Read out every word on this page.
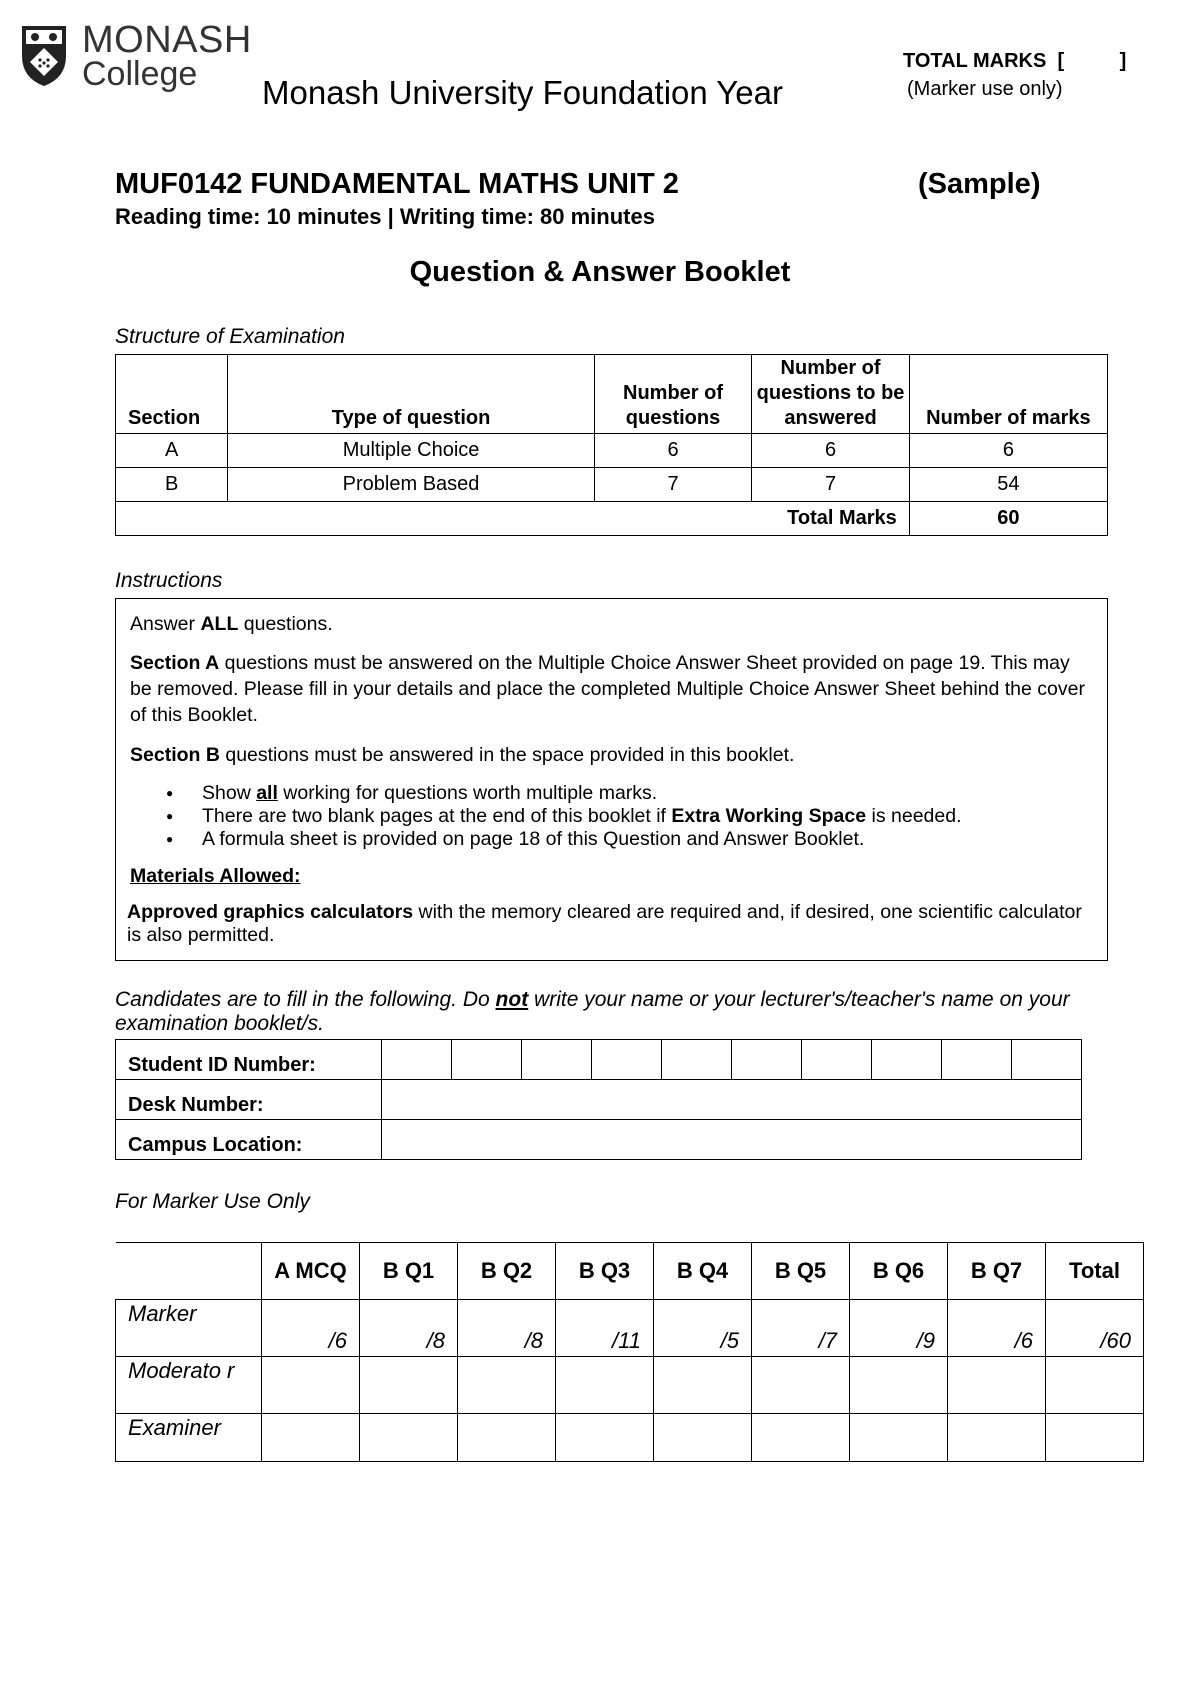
MONASH
College Monash University Foundation Year
TOTAL MARKS  [          ]
(Marker use only)
MUF0142 FUNDAMENTAL MATHS UNIT 2	(Sample)
Reading time: 10 minutes | Writing time: 80 minutes
Question & Answer Booklet
Structure of Examination
Section	Type of question	Number of questions	Number of questions to be answered	Number of marks
A	Multiple Choice	6	6	6
B	Problem Based	7	7	54
Total Marks				60
Instructions

Answer ALL questions.

Section A questions must be answered on the Multiple Choice Answer Sheet provided on page 19. This may be removed. Please fill in your details and place the completed Multiple Choice Answer Sheet behind the cover of this Booklet.

Section B questions must be answered in the space provided in this booklet.

● Show all working for questions worth multiple marks.
● There are two blank pages at the end of this booklet if Extra Working Space is needed.
● A formula sheet is provided on page 18 of this Question and Answer Booklet.

Materials Allowed:

Approved graphics calculators with the memory cleared are required and, if desired, one scientific calculator is also permitted.

Candidates are to fill in the following. Do not write your name or your lecturer's/teacher's name on your examination booklet/s.
Student ID Number:										
Desk Number:										
Campus Location:										
For Marker Use Only
	A MCQ	B Q1	B Q2	B Q3	B Q4	B Q5	B Q6	B Q7	Total
Marker	/6	/8	/8	/11	/5	/7	/9	/6	/60
Moderato r									
Examiner									
